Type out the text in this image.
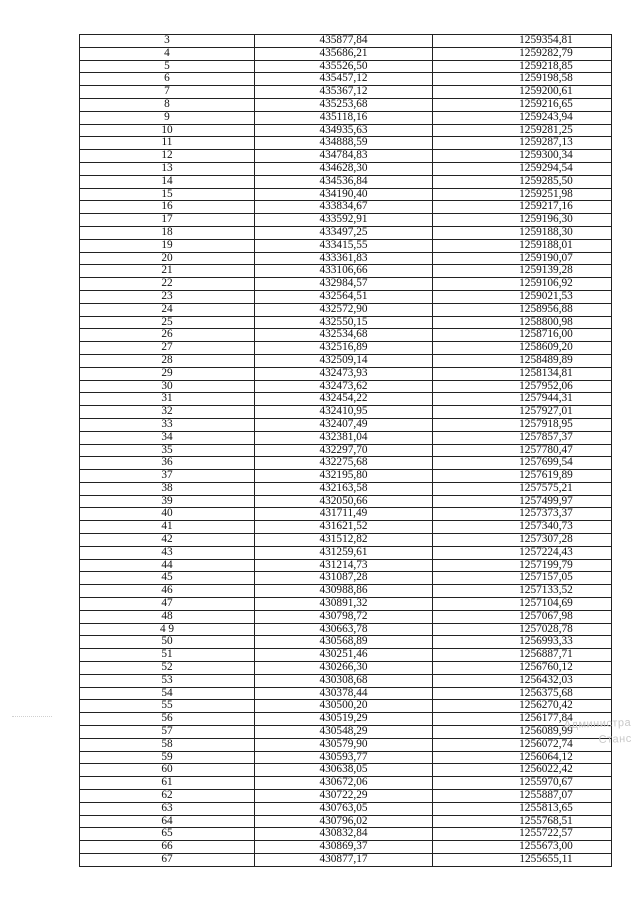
3	435877,84	1259354,81
4	435686,21	1259282,79
5	435526,50	1259218,85
6	435457,12	1259198,58
7	435367,12	1259200,61
8	435253,68	1259216,65
9	435118,16	1259243,94
10	434935,63	1259281,25
11	434888,59	1259287,13
12	434784,83	1259300,34
13	434628,30	1259294,54
14	434536,84	1259285,50
15	434190,40	1259251,98
16	433834,67	1259217,16
17	433592,91	1259196,30
18	433497,25	1259188,30
19	433415,55	1259188,01
20	433361,83	1259190,07
21	433106,66	1259139,28
22	432984,57	1259106,92
23	432564,51	1259021,53
24	432572,90	1258956,88
25	432550,15	1258800,98
26	432534,68	1258716,00
27	432516,89	1258609,20
28	432509,14	1258489,89
29	432473,93	1258134,81
30	432473,62	1257952,06
31	432454,22	1257944,31
32	432410,95	1257927,01
33	432407,49	1257918,95
34	432381,04	1257857,37
35	432297,70	1257780,47
36	432275,68	1257699,54
37	432195,80	1257619,89
38	432163,58	1257575,21
39	432050,66	1257499,97
40	431711,49	1257373,37
41	431621,52	1257340,73
42	431512,82	1257307,28
43	431259,61	1257224,43
44	431214,73	1257199,79
45	431087,28	1257157,05
46	430988,86	1257133,52
47	430891,32	1257104,69
48	430798,72	1257067,98
4 9	430663,78	1257028,78
50	430568,89	1256993,33
51	430251,46	1256887,71
52	430266,30	1256760,12
53	430308,68	1256432,03
54	430378,44	1256375,68
55	430500,20	1256270,42
56	430519,29	1256177,84
57	430548,29	1256089,99
58	430579,90	1256072,74
59	430593,77	1256064,12
60	430638,05	1256022,42
61	430672,06	1255970,67
62	430722,29	1255887,07
63	430763,05	1255813,65
64	430796,02	1255768,51
65	430832,84	1255722,57
66	430869,37	1255673,00
67	430877,17	1255655,11
Администра
Станс
